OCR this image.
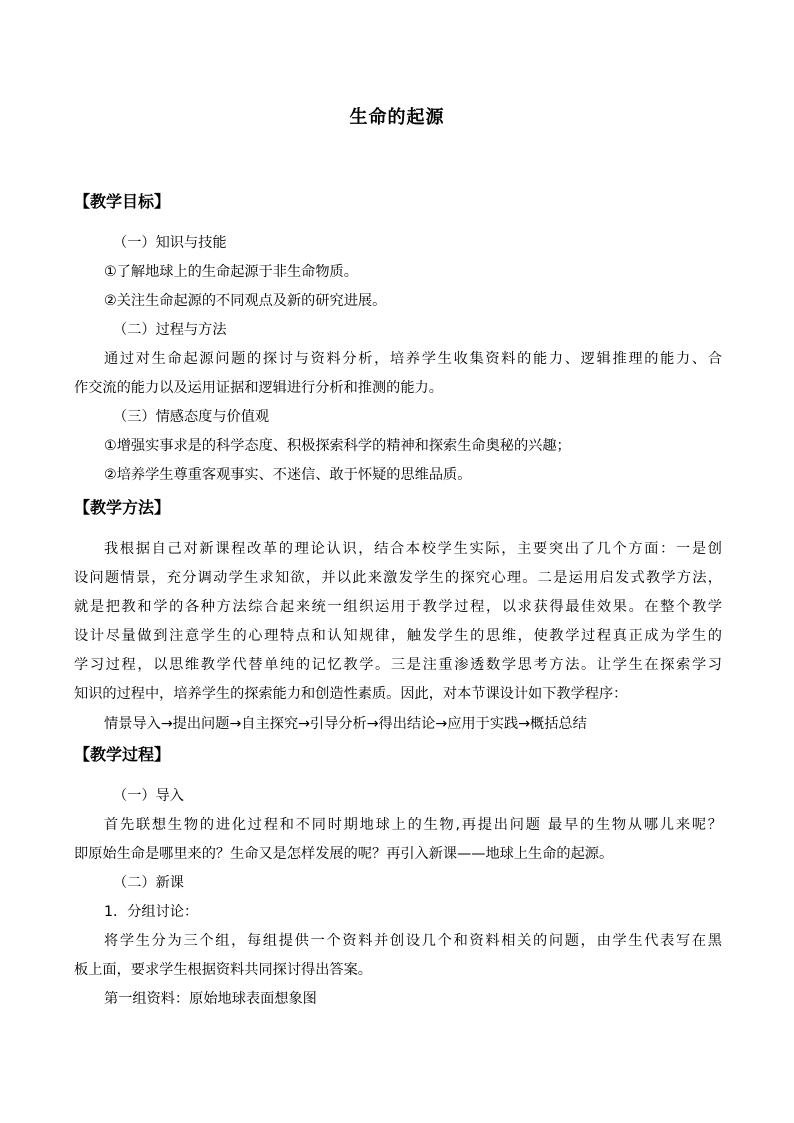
生命的起源
【教学目标】
（一）知识与技能
①了解地球上的生命起源于非生命物质。
②关注生命起源的不同观点及新的研究进展。
（二）过程与方法
通过对生命起源问题的探讨与资料分析，培养学生收集资料的能力、逻辑推理的能力、合
作交流的能力以及运用证据和逻辑进行分析和推测的能力。
（三）情感态度与价值观
①增强实事求是的科学态度、积极探索科学的精神和探索生命奥秘的兴趣；
②培养学生尊重客观事实、不迷信、敢于怀疑的思维品质。
【教学方法】
我根据自己对新课程改革的理论认识，结合本校学生实际，主要突出了几个方面：一是创
设问题情景，充分调动学生求知欲，并以此来激发学生的探究心理。二是运用启发式教学方法，
就是把教和学的各种方法综合起来统一组织运用于教学过程，以求获得最佳效果。在整个教学
设计尽量做到注意学生的心理特点和认知规律，触发学生的思维，使教学过程真正成为学生的
学习过程，以思维教学代替单纯的记忆教学。三是注重渗透数学思考方法。让学生在探索学习
知识的过程中，培养学生的探索能力和创造性素质。因此，对本节课设计如下教学程序：
情景导入→提出问题→自主探究→引导分析→得出结论→应用于实践→概括总结
【教学过程】
（一）导入
首先联想生物的进化过程和不同时期地球上的生物,再提出问题 最早的生物从哪儿来呢？
即原始生命是哪里来的？生命又是怎样发展的呢？再引入新课——地球上生命的起源。
（二）新课
1．分组讨论：
将学生分为三个组，每组提供一个资料并创设几个和资料相关的问题，由学生代表写在黑
板上面，要求学生根据资料共同探讨得出答案。
第一组资料：原始地球表面想象图
